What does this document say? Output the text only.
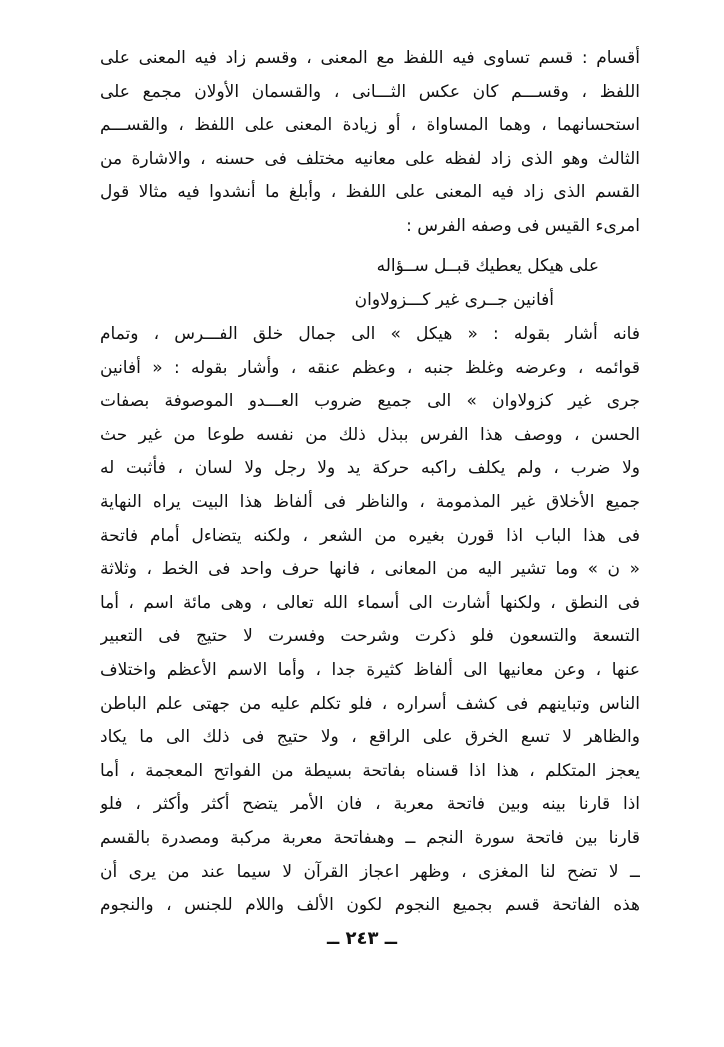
أقسام : قسم تساوى فيه اللفظ مع المعنى ، وقسم زاد فيه المعنى على
اللفظ ، وقســـم كان عكس الثـــانى ، والقسمان الأولان مجمع على
استحسانهما ، وهما المساواة ، أو زيادة المعنى على اللفظ ، والقســـم
الثالث وهو الذى زاد لفظه على معانيه مختلف فى حسنه ، والاشارة من
القسم الذى زاد فيه المعنى على اللفظ ، وأبلغ ما أنشدوا فيه مثالا قول
امرىء القيس فى وصفه الفرس :
على هيكل يعطيك قبــل ســؤاله
أفانين جــرى غير كـــزولاوان
فانه أشار بقوله : « هيكل » الى جمال خلق الفـــرس ، وتمام
قوائمه ، وعرضه وغلظ جنبه ، وعظم عنقه ، وأشار بقوله : « أفانين
جرى غير كزولاوان » الى جميع ضروب العـــدو الموصوفة بصفات
الحسن ، ووصف هذا الفرس ببذل ذلك من نفسه طوعا من غير حث
ولا ضرب ، ولم يكلف راكبه حركة يد ولا رجل ولا لسان ، فأثبت له
جميع الأخلاق غير المذمومة ، والناظر فى ألفاظ هذا البيت يراه النهاية
فى هذا الباب اذا قورن بغيره من الشعر ، ولكنه يتضاءل أمام فاتحة
« ن » وما تشير اليه من المعانى ، فانها حرف واحد فى الخط ، وثلاثة
فى النطق ، ولكنها أشارت الى أسماء الله تعالى ، وهى مائة اسم ، أما
التسعة والتسعون فلو ذكرت وشرحت وفسرت لا حتيج فى التعبير
عنها ، وعن معانيها الى ألفاظ كثيرة جدا ، وأما الاسم الأعظم واختلاف
الناس وتباينهم فى كشف أسراره ، فلو تكلم عليه من جهتى علم الباطن
والظاهر لا تسع الخرق على الراقع ، ولا حتيج فى ذلك الى ما يكاد
يعجز المتكلم ، هذا اذا قسناه بفاتحة بسيطة من الفواتح المعجمة ، أما
اذا قارنا بينه وبين فاتحة معربة ، فان الأمر يتضح أكثر وأكثر ، فلو
قارنا بين فاتحة سورة النجم ــ وهىفاتحة معربة مركبة ومصدرة بالقسم
ــ لا تضح لنا المغزى ، وظهر اعجاز القرآن لا سيما عند من يرى أن
هذه الفاتحة قسم بجميع النجوم لكون الألف واللام للجنس ، والنجوم
ــ ٢٤٣ ــ
